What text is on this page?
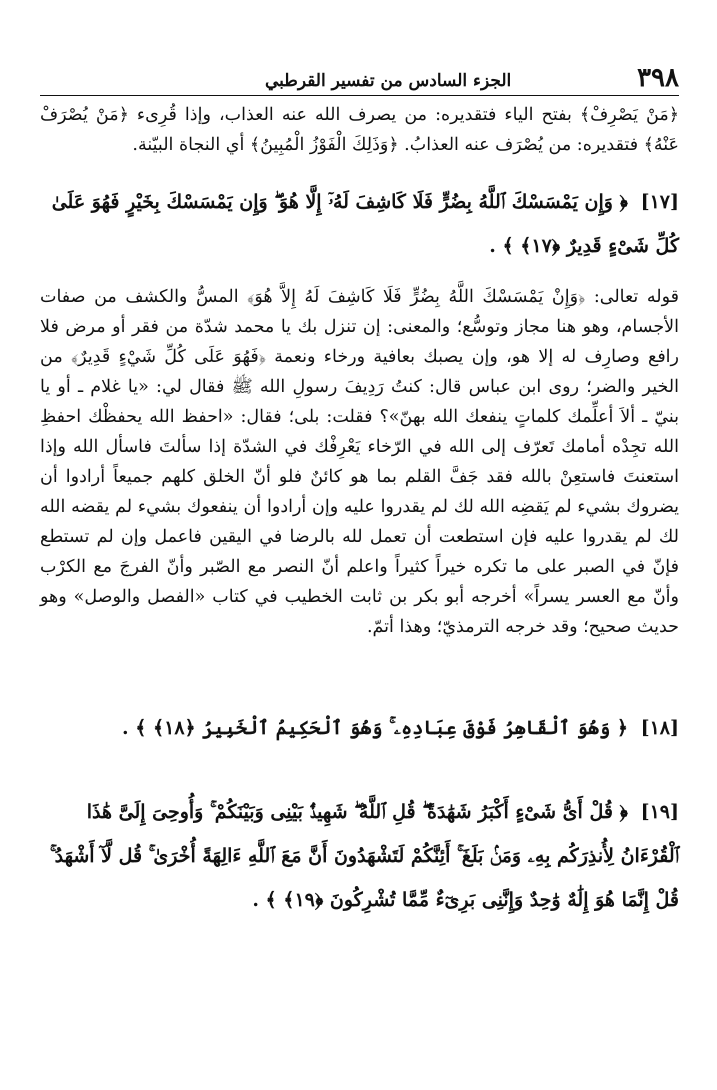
٣٩٨
الجزء السادس من تفسير القرطبي

﴿مَنْ يَصْرِفْ﴾ بفتح الياء فتقديره: من يصرف الله عنه العذاب، وإذا قُرِىء ﴿مَنْ يُصْرَفْ عَنْهُ﴾ فتقديره: من يُصْرَف عنه العذابُ. ﴿وَذَلِكَ الْفَوْزُ الْمُبِينُ﴾ أي النجاة البيّنة.

[١٧] ﴿ وَإِن يَمْسَسْكَ ٱللَّهُ بِضُرٍّ فَلَا كَاشِفَ لَهُۥٓ إِلَّا هُوَ ۖ وَإِن يَمْسَسْكَ بِخَيْرٍ فَهُوَ عَلَىٰ كُلِّ شَىْءٍ قَدِيرٌ ﴿١٧﴾ ﴾ .

قوله تعالى: ﴿وَإِنْ يَمْسَسْكَ اللَّهُ بِضُرٍّ فَلَا كَاشِفَ لَهُ إِلاَّ هُوَ﴾ المسُّ والكشف من صفات الأجسام، وهو هنا مجاز وتوسُّع؛ والمعنى: إن تنزل بك يا محمد شدّة من فقر أو مرض فلا رافع وصارِف له إلا هو، وإن يصبك بعافية ورخاء ونعمة ﴿فَهُوَ عَلَى كُلِّ شَيْءٍ قَدِيرٌ﴾ من الخير والضر؛ روى ابن عباس قال: كنتُ رَدِيفَ رسولِ الله ﷺ فقال لي: «يا غلام ـ أو يا بنيّ ـ ألاَ أعلِّمك كلماتٍ ينفعك الله بهنّ»؟ فقلت: بلى؛ فقال: «احفظ الله يحفظْك احفظِ الله تجِدْه أمامك تَعرّف إلى الله في الرّخاء يَعْرِفْك في الشدّة إذا سألتَ فاسأل الله وإذا استعنتَ فاستعِنْ بالله فقد جَفَّ القلم بما هو كائنٌ فلو أنّ الخلق كلهم جميعاً أرادوا أن يضروك بشيء لم يَقضِه الله لك لم يقدروا عليه وإن أرادوا أن ينفعوك بشيء لم يقضه الله لك لم يقدروا عليه فإن استطعت أن تعمل لله بالرضا في اليقين فاعمل وإن لم تستطع فإنّ في الصبر على ما تكره خيراً كثيراً واعلم أنّ النصر مع الصّبر وأنّ الفرجَ مع الكرْب وأنّ مع العسر يسراً» أخرجه أبو بكر بن ثابت الخطيب في كتاب «الفصل والوصل» وهو حديث صحيح؛ وقد خرجه الترمذيّ؛ وهذا أتمّ.

[١٨] ﴿ وَهُوَ ٱلْقَاهِرُ فَوْقَ عِبَادِهِۦ ۚ وَهُوَ ٱلْحَكِيمُ ٱلْخَبِيرُ ﴿١٨﴾ ﴾ .

[١٩] ﴿ قُلْ أَىُّ شَىْءٍ أَكْبَرُ شَهَٰدَةً ۖ قُلِ ٱللَّهُ ۖ شَهِيدٌۢ بَيْنِى وَبَيْنَكُمْ ۚ وَأُوحِىَ إِلَىَّ هَٰذَا ٱلْقُرْءَانُ لِأُنذِرَكُم بِهِۦ وَمَنۢ بَلَغَ ۚ أَئِنَّكُمْ لَتَشْهَدُونَ أَنَّ مَعَ ٱللَّهِ ءَالِهَةً أُخْرَىٰ ۚ قُل لَّآ أَشْهَدُ ۚ قُلْ إِنَّمَا هُوَ إِلَٰهٌ وَٰحِدٌ وَإِنَّنِى بَرِىٓءٌ مِّمَّا تُشْرِكُونَ ﴿١٩﴾ ﴾ .
